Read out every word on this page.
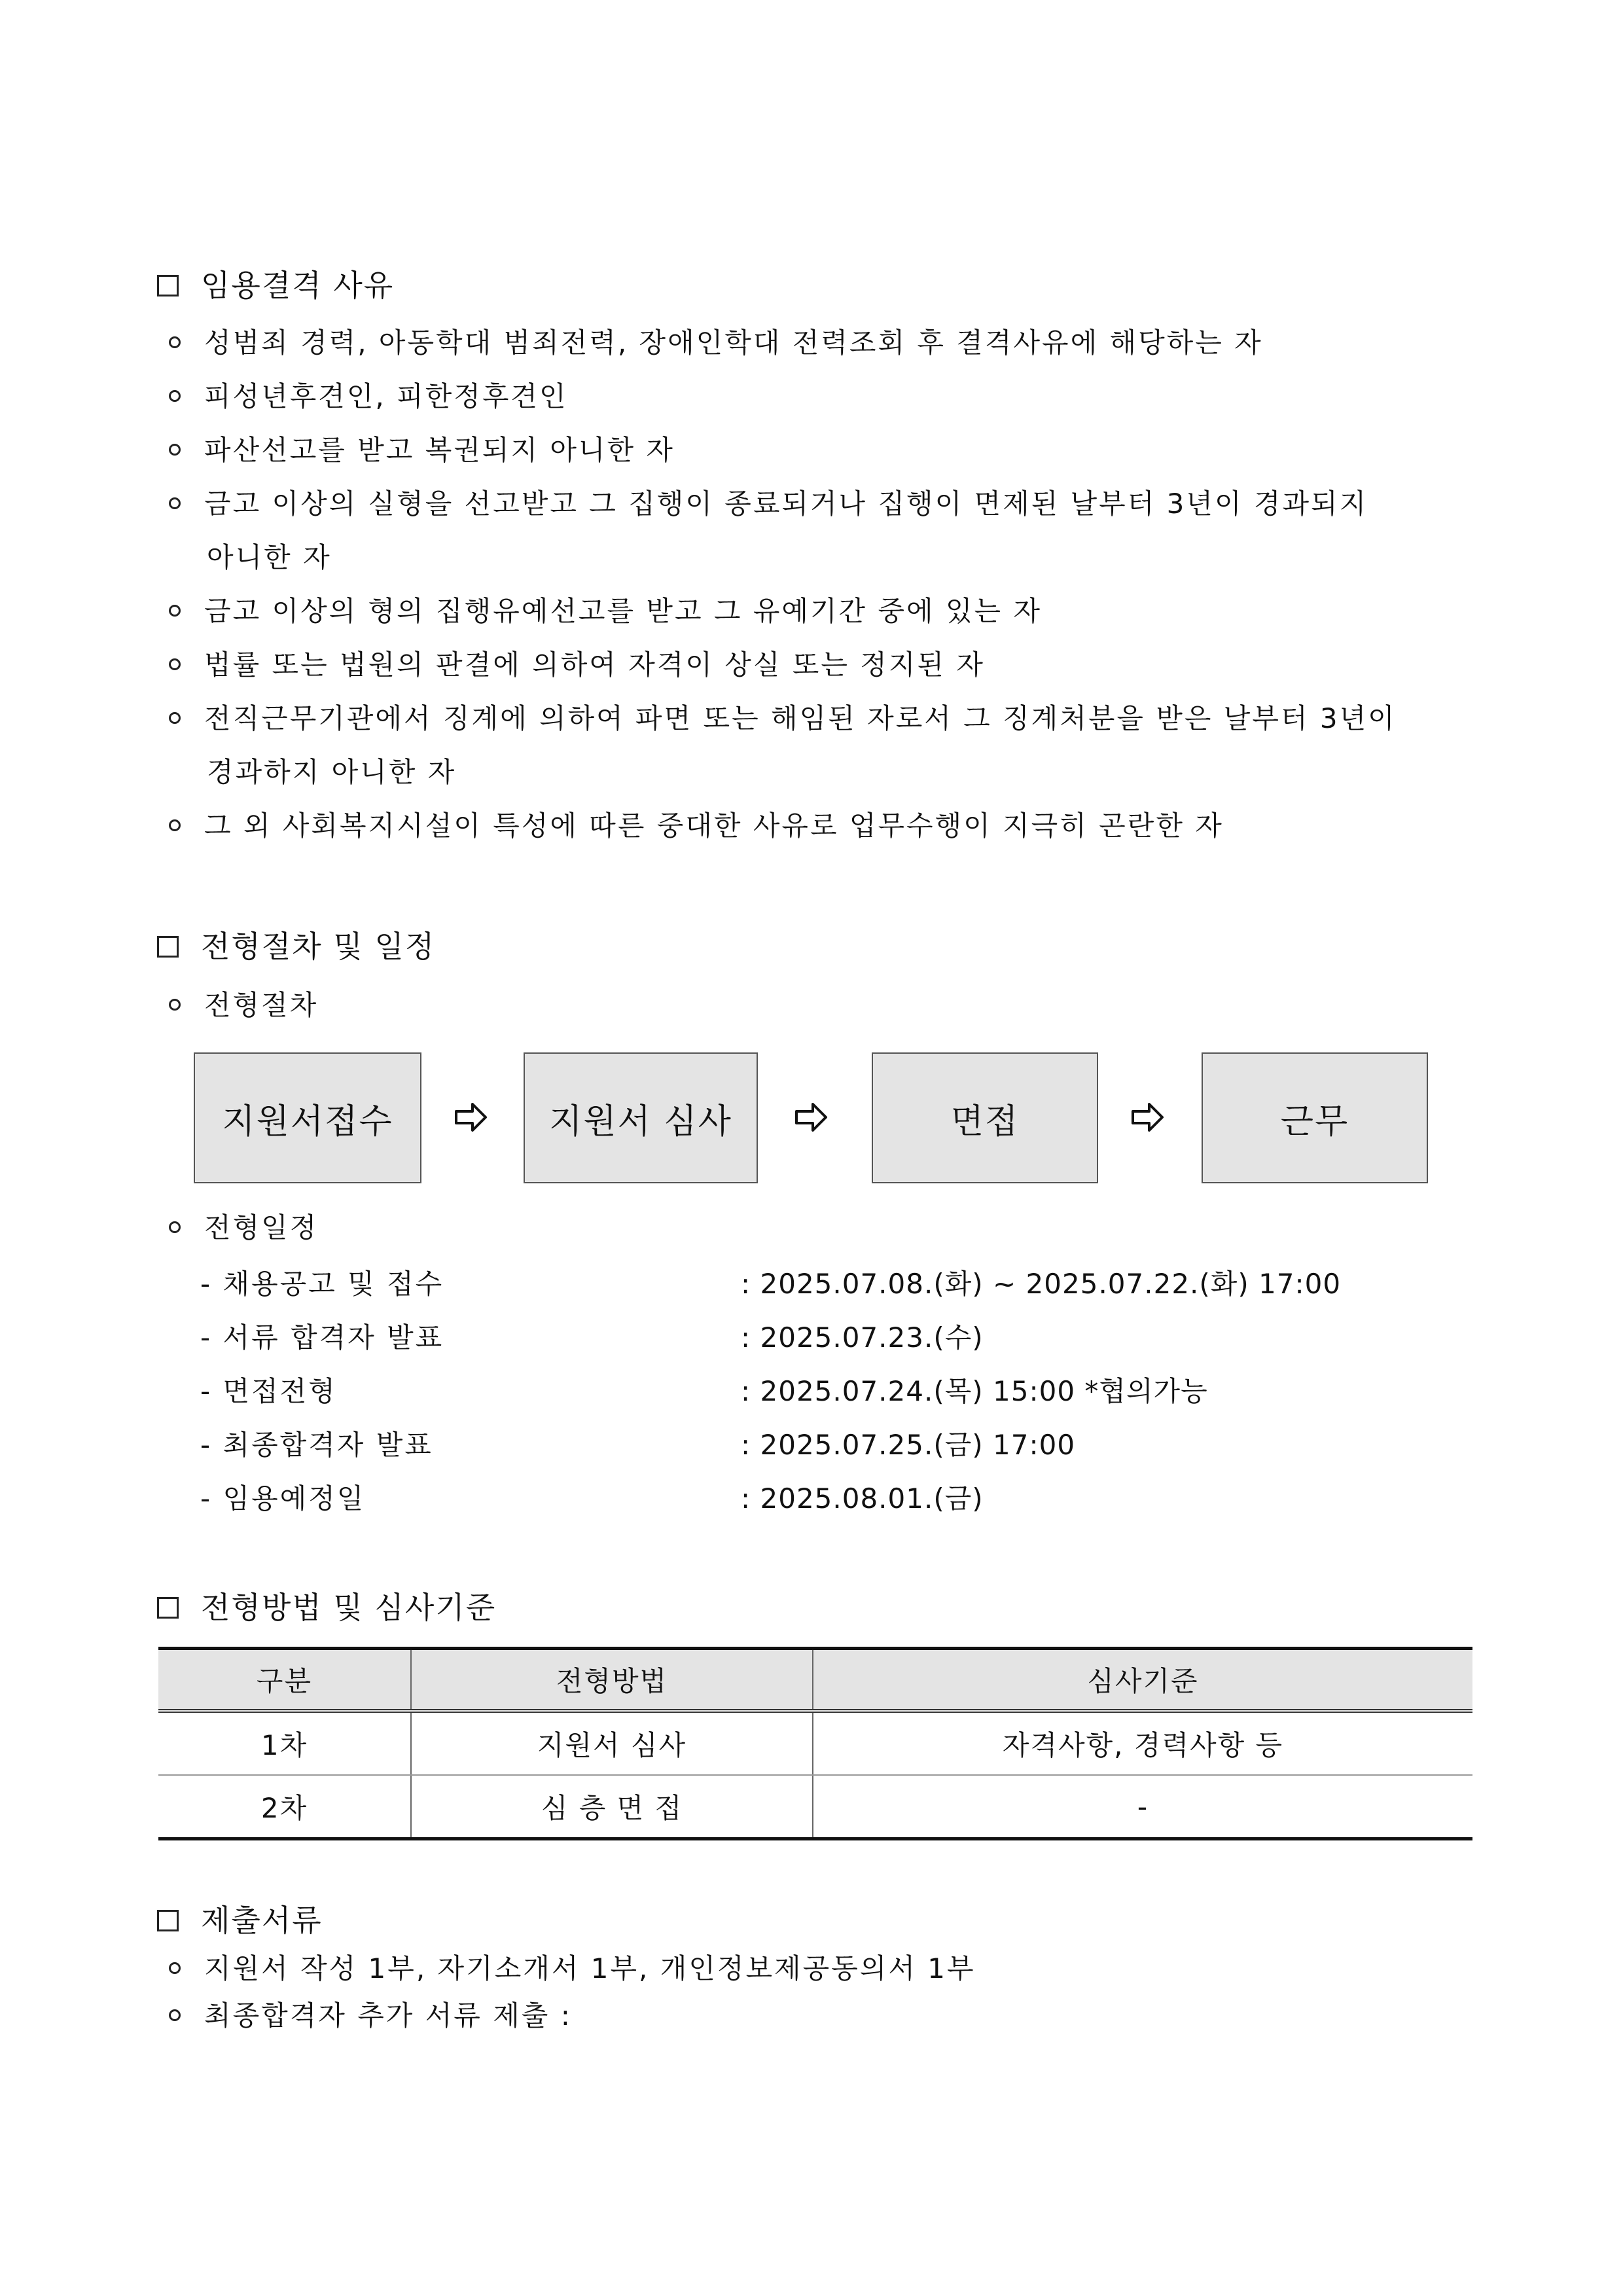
임용결격 사유
성범죄 경력, 아동학대 범죄전력, 장애인학대 전력조회 후 결격사유에 해당하는 자
피성년후견인, 피한정후견인
파산선고를 받고 복권되지 아니한 자
금고 이상의 실형을 선고받고 그 집행이 종료되거나 집행이 면제된 날부터 3년이 경과되지
아니한 자
금고 이상의 형의 집행유예선고를 받고 그 유예기간 중에 있는 자
법률 또는 법원의 판결에 의하여 자격이 상실 또는 정지된 자
전직근무기관에서 징계에 의하여 파면 또는 해임된 자로서 그 징계처분을 받은 날부터 3년이
경과하지 아니한 자
그 외 사회복지시설이 특성에 따른 중대한 사유로 업무수행이 지극히 곤란한 자
전형절차 및 일정
전형절차
지원서접수	지원서 심사	면접	근무
전형일정
- 채용공고 및 접수	: 2025.07.08.(화) ~ 2025.07.22.(화) 17:00
- 서류 합격자 발표	: 2025.07.23.(수)
- 면접전형	: 2025.07.24.(목) 15:00 *협의가능
- 최종합격자 발표	: 2025.07.25.(금) 17:00
- 임용예정일	: 2025.08.01.(금)
전형방법 및 심사기준
구분	전형방법	심사기준
1차	지원서 심사	자격사항, 경력사항 등
2차	심 층 면 접	-
제출서류
지원서 작성 1부, 자기소개서 1부, 개인정보제공동의서 1부
최종합격자 추가 서류 제출 :
